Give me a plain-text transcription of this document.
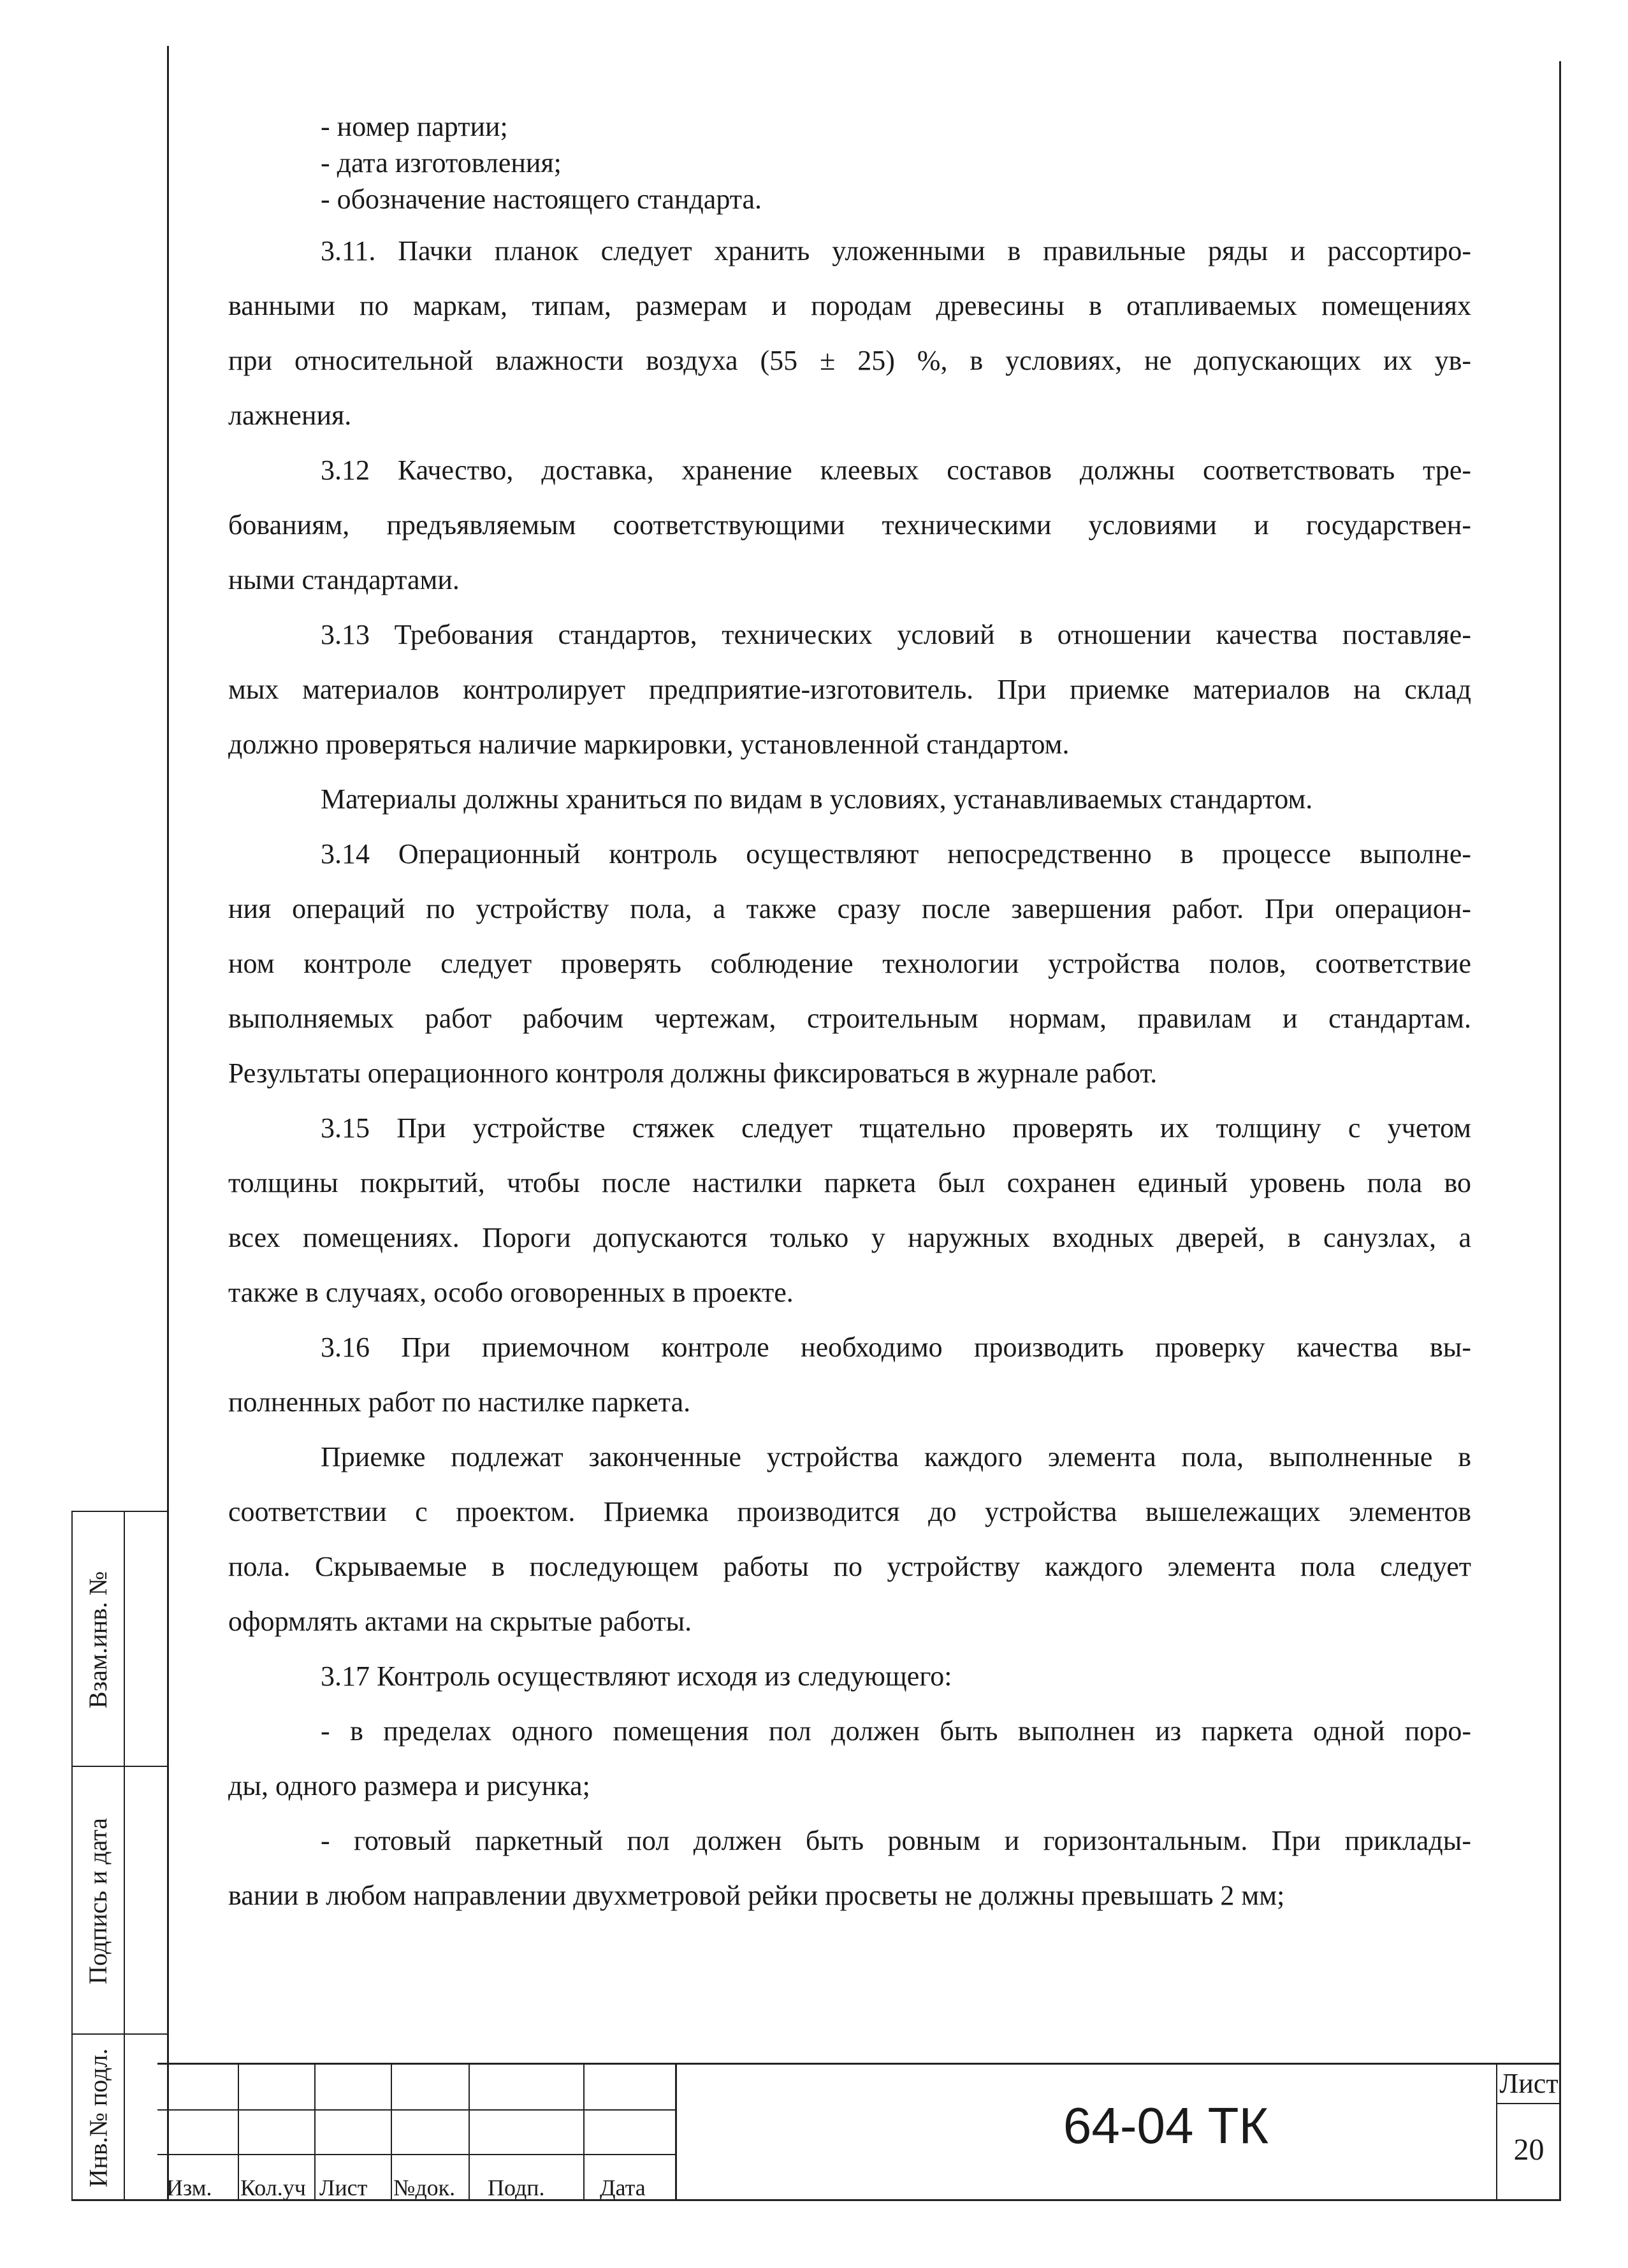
Взам.инв. №
Подпись и дата
Инв.№ подл.
- номер партии;
- дата изготовления;
- обозначение настоящего стандарта.
3.11. Пачки планок следует хранить уложенными в правильные ряды и рассортиро-
ванными по маркам, типам, размерам и породам древесины в отапливаемых помещениях
при относительной влажности воздуха (55 ± 25) %, в условиях, не допускающих их ув-
лажнения.
3.12 Качество, доставка, хранение клеевых составов должны соответствовать тре-
бованиям, предъявляемым соответствующими техническими условиями и государствен-
ными стандартами.
3.13 Требования стандартов, технических условий в отношении качества поставляе-
мых материалов контролирует предприятие-изготовитель. При приемке материалов на склад
должно проверяться наличие маркировки, установленной стандартом.
Материалы должны храниться по видам в условиях, устанавливаемых стандартом.
3.14 Операционный контроль осуществляют непосредственно в процессе выполне-
ния операций по устройству пола, а также сразу после завершения работ. При операцион-
ном контроле следует проверять соблюдение технологии устройства полов, соответствие
выполняемых работ рабочим чертежам, строительным нормам, правилам и стандартам.
Результаты операционного контроля должны фиксироваться в журнале работ.
3.15 При устройстве стяжек следует тщательно проверять их толщину с учетом
толщины покрытий, чтобы после настилки паркета был сохранен единый уровень пола во
всех помещениях. Пороги допускаются только у наружных входных дверей, в санузлах, а
также в случаях, особо оговоренных в проекте.
3.16 При приемочном контроле необходимо производить проверку качества вы-
полненных работ по настилке паркета.
Приемке подлежат законченные устройства каждого элемента пола, выполненные в
соответствии с проектом. Приемка производится до устройства вышележащих элементов
пола. Скрываемые в последующем работы по устройству каждого элемента пола следует
оформлять актами на скрытые работы.
3.17 Контроль осуществляют исходя из следующего:
- в пределах одного помещения пол должен быть выполнен из паркета одной поро-
ды, одного размера и рисунка;
- готовый паркетный пол должен быть ровным и горизонтальным. При приклады-
вании в любом направлении двухметровой рейки просветы не должны превышать 2 мм;
Изм. Кол.уч Лист №док. Подп. Дата
64-04 ТК
Лист
20
